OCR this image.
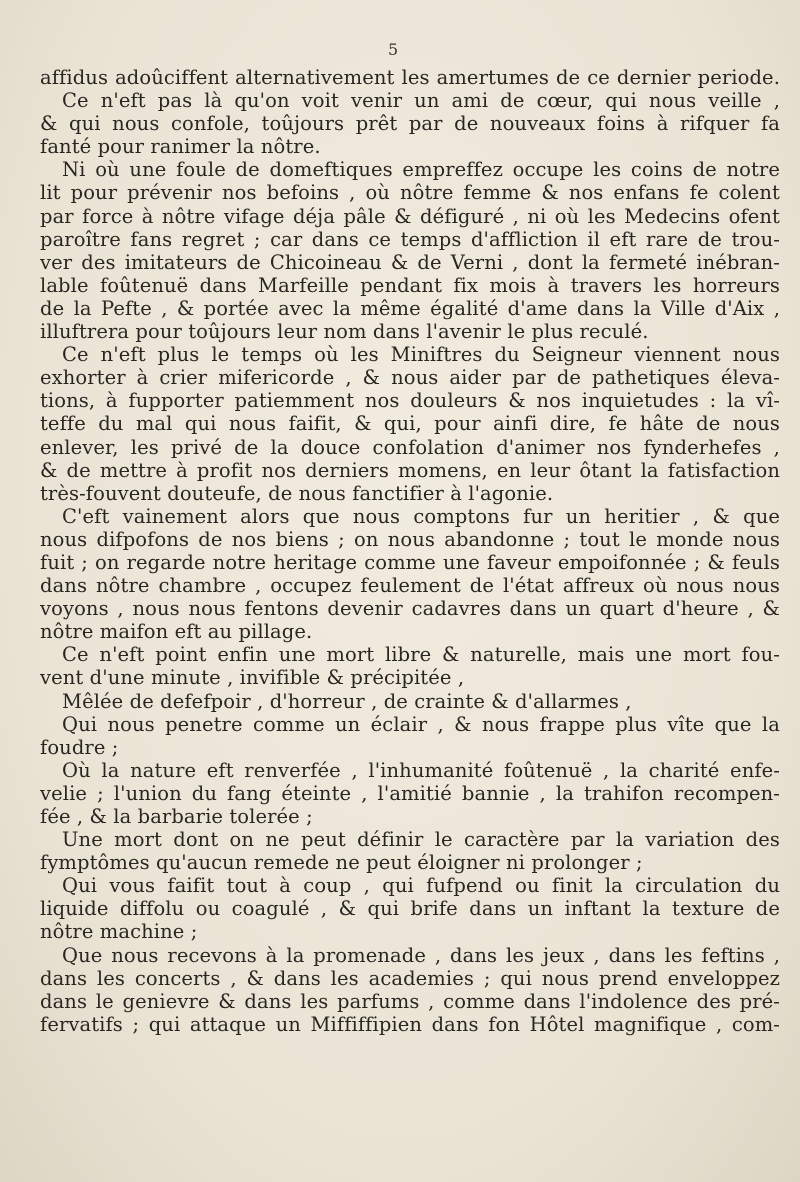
5
affidus adoûciffent alternativement les amertumes de ce dernier periode.
Ce n'eft pas là qu'on voit venir un ami de cœur, qui nous veille ,
& qui nous confole, toûjours prêt par de nouveaux foins à rifquer fa
fanté pour ranimer la nôtre.
Ni où une foule de domeftiques empreffez occupe les coins de notre
lit pour prévenir nos befoins , où nôtre femme & nos enfans fe colent
par force à nôtre vifage déja pâle & défiguré , ni où les Medecins ofent
paroître fans regret ; car dans ce temps d'affliction il eft rare de trou-
ver des imitateurs de Chicoineau & de Verni , dont la fermeté inébran-
lable foûtenuë dans Marfeille pendant fix mois à travers les horreurs
de la Pefte , & portée avec la même égalité d'ame dans la Ville d'Aix ,
illuftrera pour toûjours leur nom dans l'avenir le plus reculé.
Ce n'eft plus le temps où les Miniftres du Seigneur viennent nous
exhorter à crier mifericorde , & nous aider par de pathetiques éleva-
tions, à fupporter patiemment nos douleurs & nos inquietudes : la vî-
teffe du mal qui nous faifit, & qui, pour ainfi dire, fe hâte de nous
enlever, les privé de la douce confolation d'animer nos fynderhefes ,
& de mettre à profit nos derniers momens, en leur ôtant la fatisfaction
très-fouvent douteufe, de nous fanctifier à l'agonie.
C'eft vainement alors que nous comptons fur un heritier , & que
nous difpofons de nos biens ; on nous abandonne ; tout le monde nous
fuit ; on regarde notre heritage comme une faveur empoifonnée ; & feuls
dans nôtre chambre , occupez feulement de l'état affreux où nous nous
voyons , nous nous fentons devenir cadavres dans un quart d'heure , &
nôtre maifon eft au pillage.
Ce n'eft point enfin une mort libre & naturelle, mais une mort fou-
vent d'une minute , invifible & précipitée ,
Mêlée de defefpoir , d'horreur , de crainte & d'allarmes ,
Qui nous penetre comme un éclair , & nous frappe plus vîte que la
foudre ;
Où la nature eft renverfée , l'inhumanité foûtenuë , la charité enfe-
velie ; l'union du fang éteinte , l'amitié bannie , la trahifon recompen-
fée , & la barbarie tolerée ;
Une mort dont on ne peut définir le caractère par la variation des
fymptômes qu'aucun remede ne peut éloigner ni prolonger ;
Qui vous faifit tout à coup , qui fufpend ou finit la circulation du
liquide diffolu ou coagulé , & qui brife dans un inftant la texture de
nôtre machine ;
Que nous recevons à la promenade , dans les jeux , dans les feftins ,
dans les concerts , & dans les academies ; qui nous prend enveloppez
dans le genievre & dans les parfums , comme dans l'indolence des pré-
fervatifs ; qui attaque un Miffiffipien dans fon Hôtel magnifique , com-
